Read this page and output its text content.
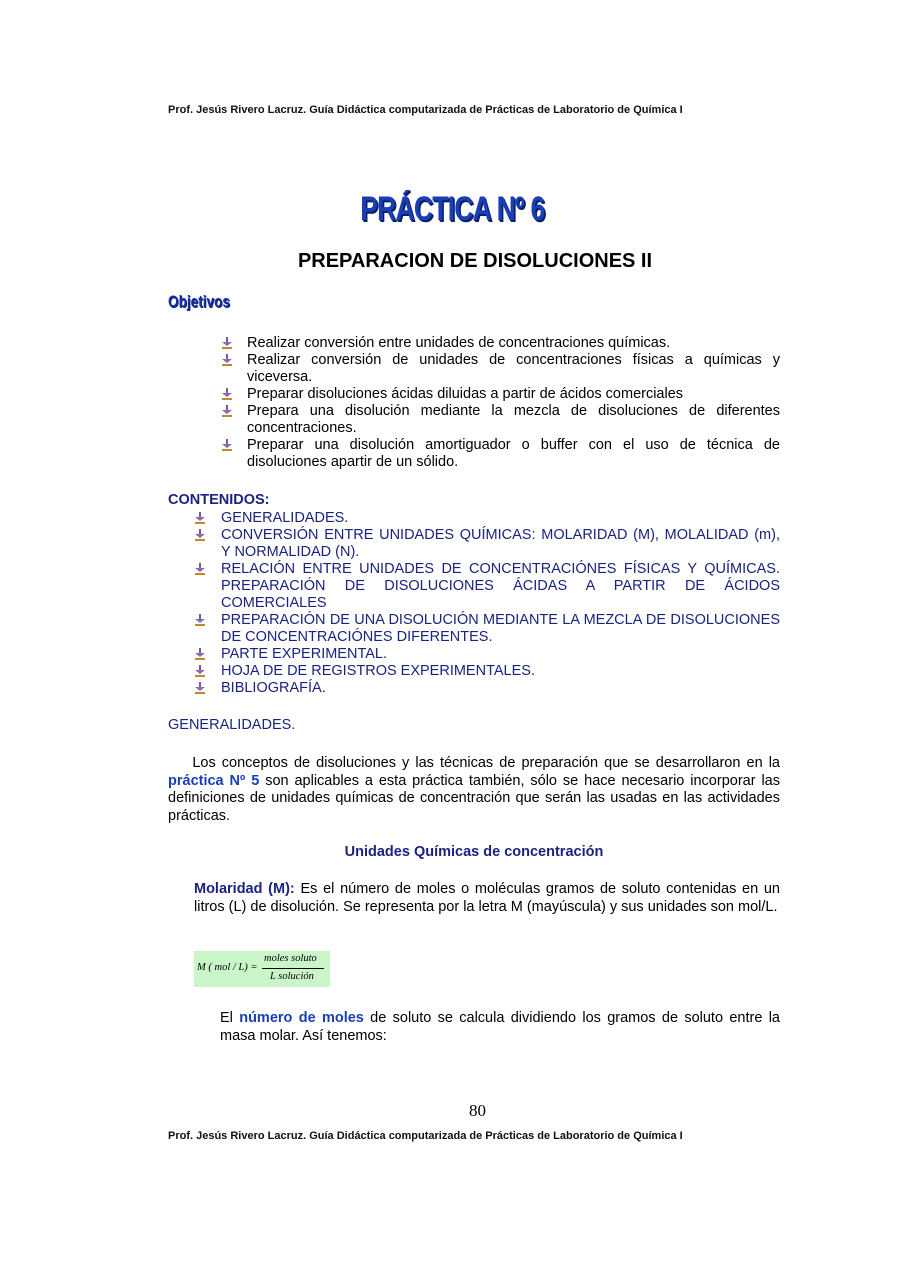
Prof. Jesús Rivero Lacruz. Guía Didáctica computarizada de Prácticas de Laboratorio de Química I
PRÁCTICA Nº 6
PREPARACION DE DISOLUCIONES II
Objetivos
Realizar conversión entre unidades de concentraciones químicas.
Realizar conversión de unidades de concentraciones físicas a químicas y viceversa.
Preparar disoluciones ácidas diluidas a partir de ácidos comerciales
Prepara una disolución mediante la mezcla de disoluciones de diferentes concentraciones.
Preparar una disolución amortiguador o buffer con el uso de técnica de disoluciones apartir de un sólido.
CONTENIDOS:
GENERALIDADES.
CONVERSIÓN ENTRE UNIDADES QUÍMICAS: MOLARIDAD (M), MOLALIDAD (m), Y NORMALIDAD (N).
RELACIÓN ENTRE UNIDADES DE CONCENTRACIÓNES FÍSICAS Y QUÍMICAS. PREPARACIÓN DE DISOLUCIONES ÁCIDAS A PARTIR DE ÁCIDOS COMERCIALES
PREPARACIÓN DE UNA DISOLUCIÓN MEDIANTE LA MEZCLA DE DISOLUCIONES DE CONCENTRACIÓNES DIFERENTES.
PARTE EXPERIMENTAL.
HOJA DE DE REGISTROS EXPERIMENTALES.
BIBLIOGRAFÍA.
GENERALIDADES.
Los conceptos de disoluciones y las técnicas de preparación que se desarrollaron en la práctica Nº 5 son aplicables a esta práctica también, sólo se hace necesario incorporar las definiciones de unidades químicas de concentración que serán las usadas en las actividades prácticas.
Unidades Químicas de concentración
Molaridad (M): Es el número de moles o moléculas gramos de soluto contenidas en un litros (L) de disolución. Se representa por la letra M (mayúscula) y sus unidades son mol/L.
M ( mol / L) =
moles soluto
L solución
El número de moles de soluto se calcula dividiendo los gramos de soluto entre la masa molar. Así tenemos:
80
Prof. Jesús Rivero Lacruz. Guía Didáctica computarizada de Prácticas de Laboratorio de Química I
